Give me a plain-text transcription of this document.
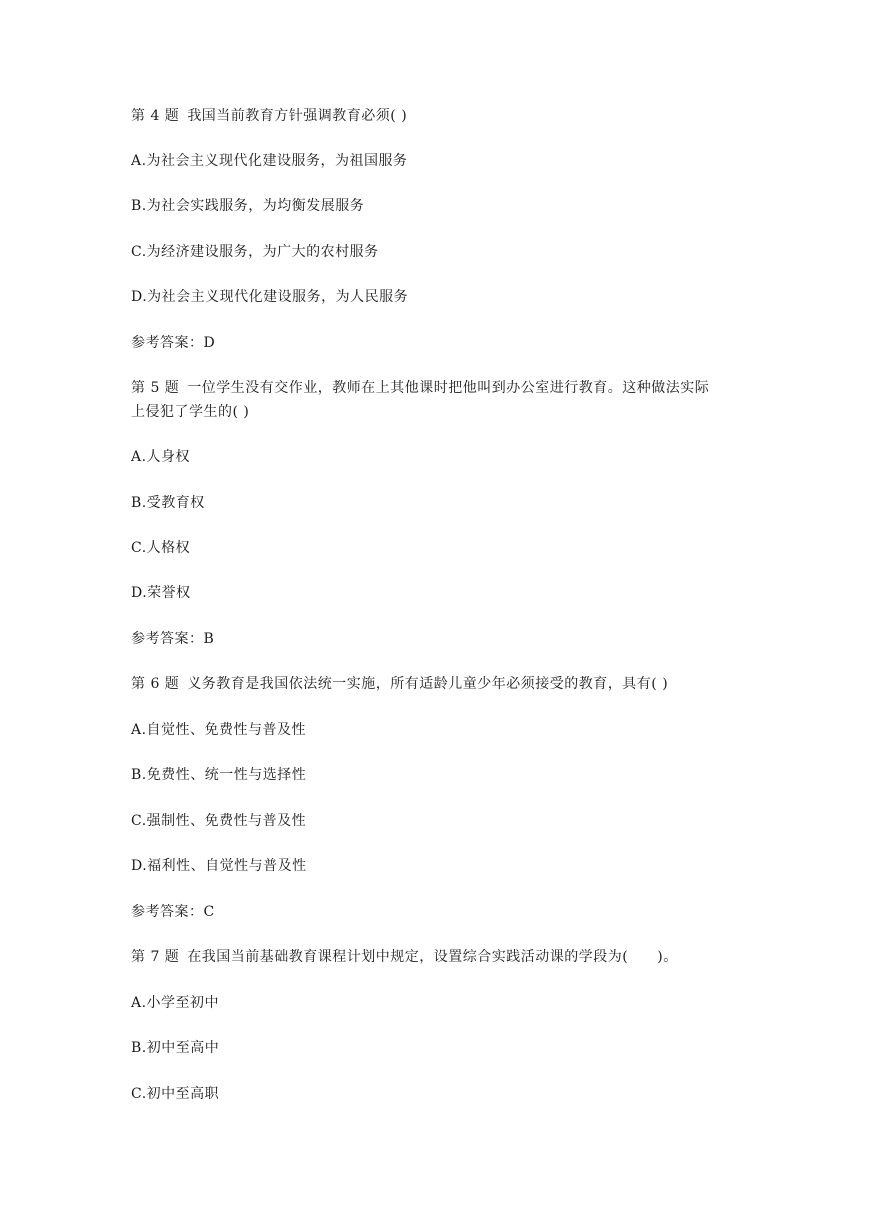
第 4 题 我国当前教育方针强调教育必须( )
A.为社会主义现代化建设服务，为祖国服务
B.为社会实践服务，为均衡发展服务
C.为经济建设服务，为广大的农村服务
D.为社会主义现代化建设服务，为人民服务
参考答案：D
第 5 题 一位学生没有交作业，教师在上其他课时把他叫到办公室进行教育。这种做法实际
上侵犯了学生的( )
A.人身权
B.受教育权
C.人格权
D.荣誉权
参考答案：B
第 6 题 义务教育是我国依法统一实施，所有适龄儿童少年必须接受的教育，具有( )
A.自觉性、免费性与普及性
B.免费性、统一性与选择性
C.强制性、免费性与普及性
D.福利性、自觉性与普及性
参考答案：C
第 7 题 在我国当前基础教育课程计划中规定，设置综合实践活动课的学段为(　　)。
A.小学至初中
B.初中至高中
C.初中至高职
